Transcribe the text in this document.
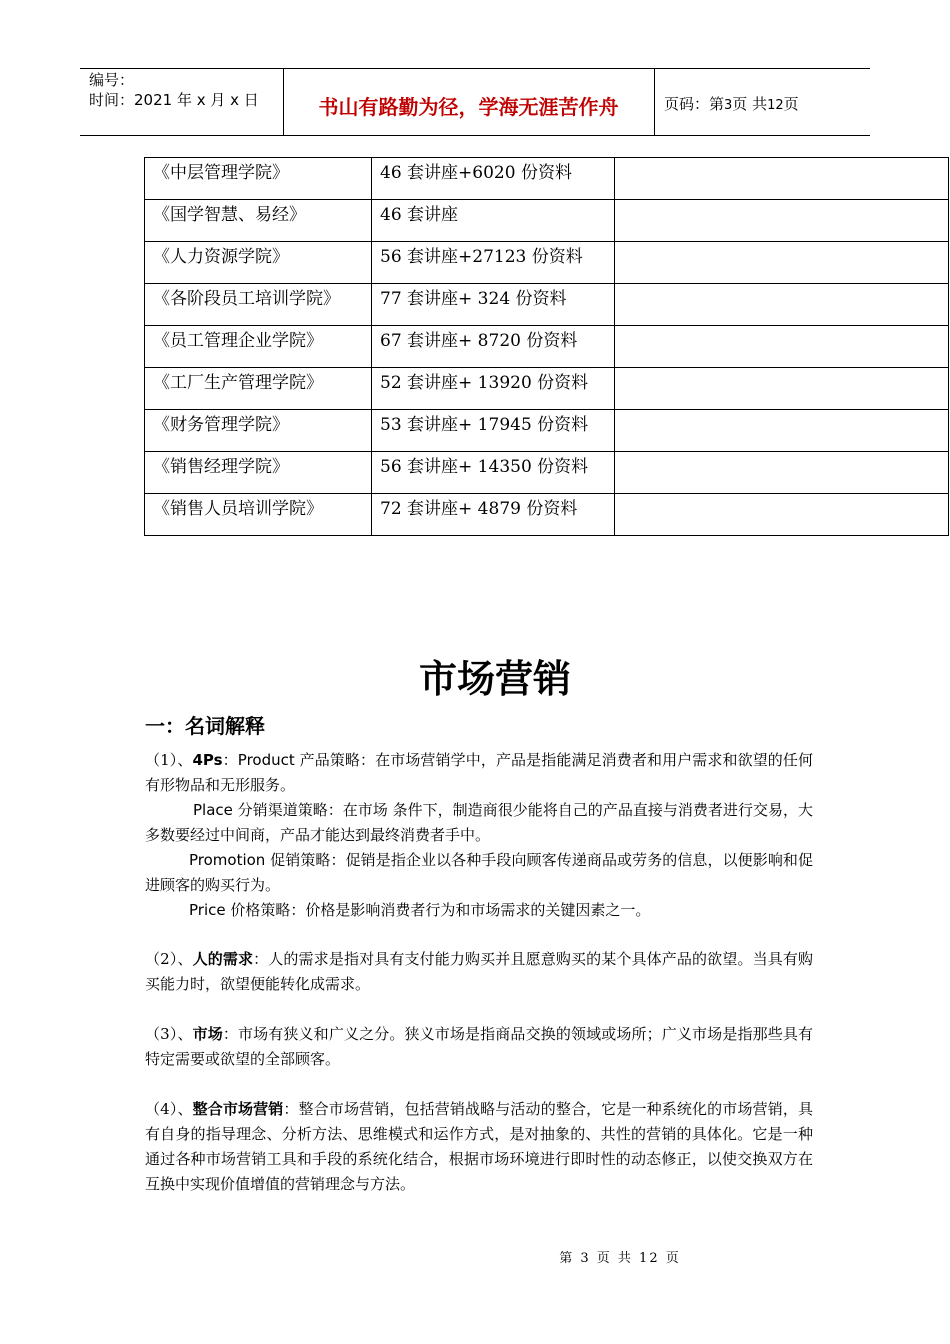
编号：
时间：2021 年 x 月 x 日	书山有路勤为径，学海无涯苦作舟	页码：第3页 共12页
《中层管理学院》	46 套讲座+6020 份资料	

《国学智慧、易经》	46 套讲座	

《人力资源学院》	56 套讲座+27123 份资料	

《各阶段员工培训学院》	77 套讲座+ 324 份资料	

《员工管理企业学院》	67 套讲座+ 8720 份资料	

《工厂生产管理学院》	52 套讲座+ 13920 份资料	

《财务管理学院》	53 套讲座+ 17945 份资料	

《销售经理学院》	56 套讲座+ 14350 份资料	

《销售人员培训学院》	72 套讲座+ 4879 份资料	

市场营销
一：名词解释
（1）、4Ps：Product 产品策略：在市场营销学中，产品是指能满足消费者和用户需求和欲望的任何有形物品和无形服务。
Place 分销渠道策略：在市场 条件下，制造商很少能将自己的产品直接与消费者进行交易，大多数要经过中间商，产品才能达到最终消费者手中。
Promotion 促销策略：促销是指企业以各种手段向顾客传递商品或劳务的信息，以便影响和促进顾客的购买行为。
Price 价格策略：价格是影响消费者行为和市场需求的关键因素之一。
（2）、人的需求：人的需求是指对具有支付能力购买并且愿意购买的某个具体产品的欲望。当具有购买能力时，欲望便能转化成需求。
（3）、市场：市场有狭义和广义之分。狭义市场是指商品交换的领域或场所；广义市场是指那些具有特定需要或欲望的全部顾客。
（4）、整合市场营销：整合市场营销，包括营销战略与活动的整合，它是一种系统化的市场营销，具有自身的指导理念、分析方法、思维模式和运作方式，是对抽象的、共性的营销的具体化。它是一种通过各种市场营销工具和手段的系统化结合，根据市场环境进行即时性的动态修正，以使交换双方在互换中实现价值增值的营销理念与方法。
第 3 页 共 12 页
